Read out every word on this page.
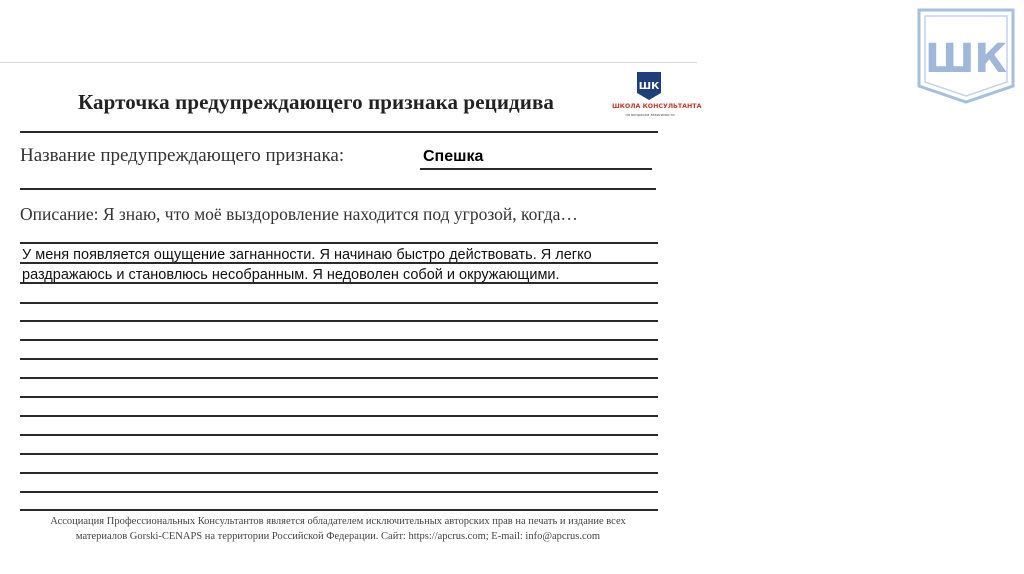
ШК
Карточка предупреждающего признака рецидива
ШК
ШКОЛА КОНСУЛЬТАНТА
по вопросам зависимости
Название предупреждающего признака:	Спешка
Описание: Я знаю, что моё выздоровление находится под угрозой, когда…
У меня появляется ощущение загнанности. Я начинаю быстро действовать. Я легко раздражаюсь и становлюсь несобранным. Я недоволен собой и окружающими.
Ассоциация Профессиональных Консультантов является обладателем исключительных авторских прав на печать и издание всех
материалов Gorski-CENAPS на территории Российской Федерации. Сайт: https://apcrus.com; E-mail: info@apcrus.com
